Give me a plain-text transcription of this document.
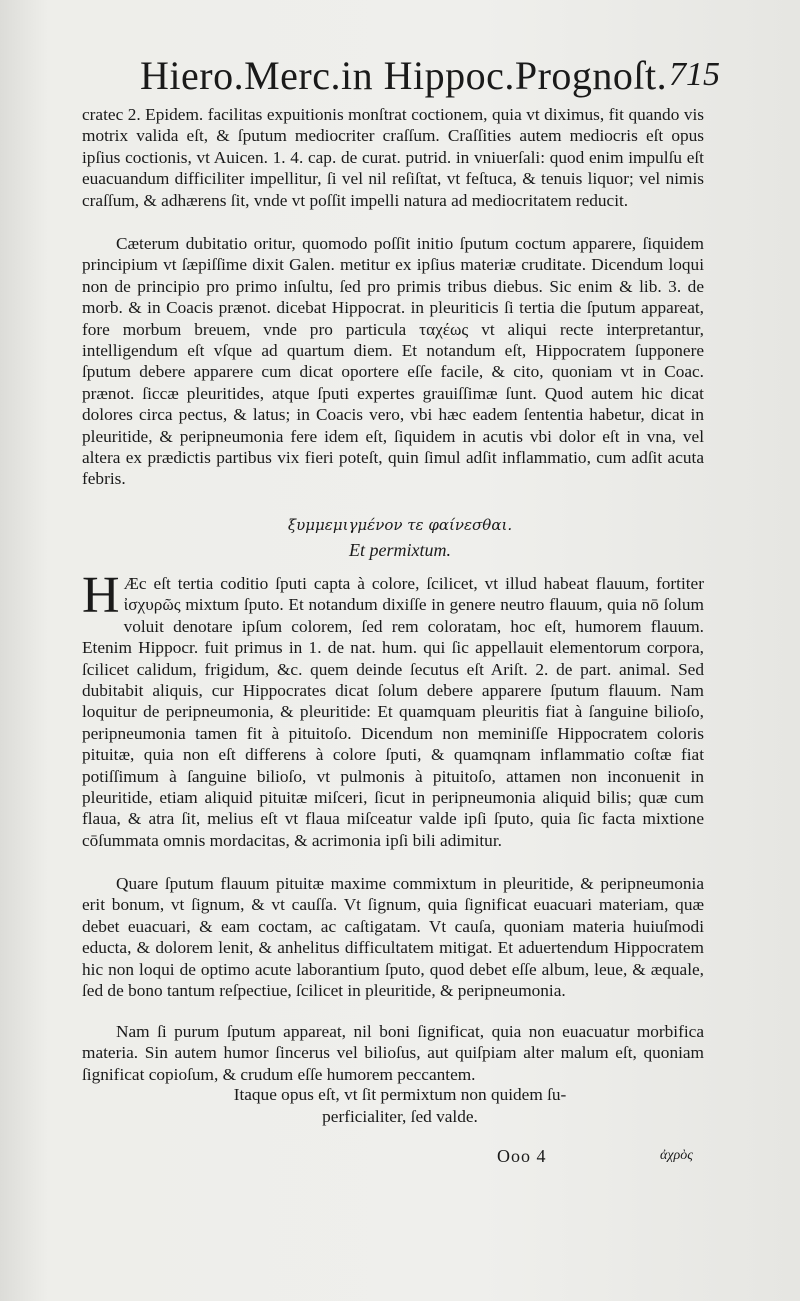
Hiero.Merc.in Hippoc.Prognoſt. 715

cratec 2. Epidem. facilitas expuitionis monſtrat coctionem, quia vt diximus, fit quando vis motrix valida eſt, & ſputum mediocriter craſſum. Craſſities autem mediocris eſt opus ipſius coctionis, vt Auicen. 1. 4. cap. de curat. putrid. in vniuerſali: quod enim impulſu eſt euacuandum difficiliter impellitur, ſi vel nil reſiſtat, vt feſtuca, & tenuis liquor; vel nimis craſſum, & adhærens ſit, vnde vt poſſit impelli natura ad mediocritatem reducit.

Cæterum dubitatio oritur, quomodo poſſit initio ſputum coctum apparere, ſiquidem principium vt ſæpiſſime dixit Galen. metitur ex ipſius materiæ cruditate. Dicendum loqui non de principio pro primo inſultu, ſed pro primis tribus diebus. Sic enim & lib. 3. de morb. & in Coacis prænot. dicebat Hippocrat. in pleuriticis ſi tertia die ſputum appareat, fore morbum breuem, vnde pro particula ταχέως vt aliqui recte interpretantur, intelligendum eſt vſque ad quartum diem. Et notandum eſt, Hippocratem ſupponere ſputum debere apparere cum dicat oportere eſſe facile, & cito, quoniam vt in Coac. prænot. ſiccæ pleuritides, atque ſputi expertes grauiſſimæ ſunt. Quod autem hic dicat dolores circa pectus, & latus; in Coacis vero, vbi hæc eadem ſententia habetur, dicat in pleuritide, & peripneumonia fere idem eſt, ſiquidem in acutis vbi dolor eſt in vna, vel altera ex prædictis partibus vix fieri poteſt, quin ſimul adſit inflammatio, cum adſit acuta febris.

ξυμμεμιγμένον τε φαίνεσθαι.
Et permixtum.
H Æc eſt tertia coditio ſputi capta à colore, ſcilicet, vt illud habeat flauum, fortiter ἰσχυρῶς mixtum ſputo. Et notandum dixiſſe in genere neutro flauum, quia nō ſolum voluit denotare ipſum colorem, ſed rem coloratam, hoc eſt, humorem flauum. Etenim Hippocr. fuit primus in 1. de nat. hum. qui ſic appellauit elementorum corpora, ſcilicet calidum, frigidum, &c. quem deinde ſecutus eſt Ariſt. 2. de part. animal. Sed dubitabit aliquis, cur Hippocrates dicat ſolum debere apparere ſputum flauum. Nam loquitur de peripneumonia, & pleuritide: Et quamquam pleuritis fiat à ſanguine bilioſo, peripneumonia tamen fit à pituitoſo. Dicendum non meminiſſe Hippocratem coloris pituitæ, quia non eſt differens à colore ſputi, & quamqnam inflammatio coſtæ fiat potiſſimum à ſanguine bilioſo, vt pulmonis à pituitoſo, attamen non inconuenit in pleuritide, etiam aliquid pituitæ miſceri, ſicut in peripneumonia aliquid bilis; quæ cum flaua, & atra ſit, melius eſt vt flaua miſceatur valde ipſi ſputo, quia ſic facta mixtione cōſummata omnis mordacitas, & acrimonia ipſi bili adimitur.

Quare ſputum flauum pituitæ maxime commixtum in pleuritide, & peripneumonia erit bonum, vt ſignum, & vt cauſſa. Vt ſignum, quia ſignificat euacuari materiam, quæ debet euacuari, & eam coctam, ac caſtigatam. Vt cauſa, quoniam materia huiuſmodi educta, & dolorem lenit, & anhelitus difficultatem mitigat. Et aduertendum Hippocratem hic non loqui de optimo acute laborantium ſputo, quod debet eſſe album, leue, & æquale, ſed de bono tantum reſpectiue, ſcilicet in pleuritide, & peripneumonia.

Nam ſi purum ſputum appareat, nil boni ſignificat, quia non euacuatur morbifica materia. Sin autem humor ſincerus vel bilioſus, aut quiſpiam alter malum eſt, quoniam ſignificat copioſum, & crudum eſſe humorem peccantem.

Itaque opus eſt, vt ſit permixtum non quidem ſu-
perficialiter, ſed valde.
Ooo 4	ἀχρὸς
